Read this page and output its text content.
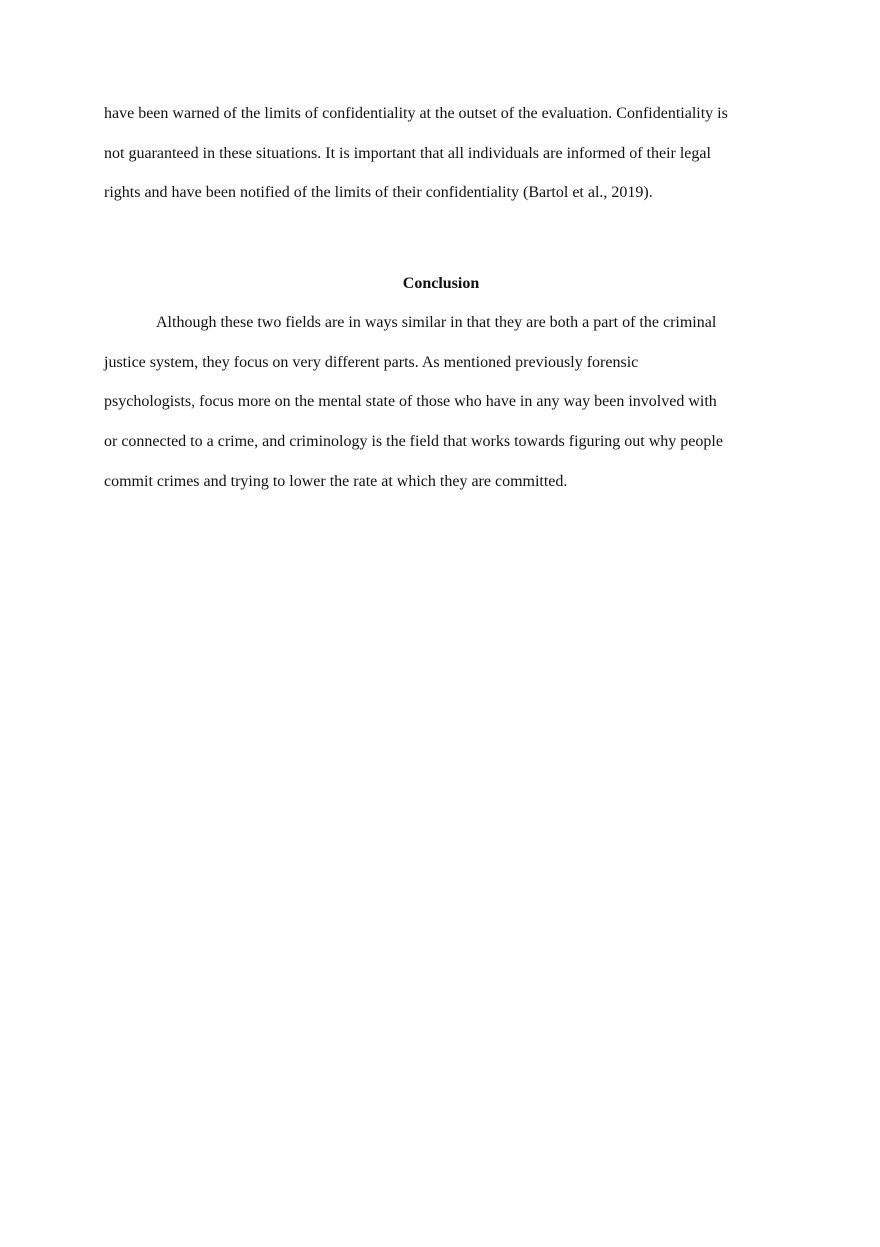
have been warned of the limits of confidentiality at the outset of the evaluation. Confidentiality is
not guaranteed in these situations. It is important that all individuals are informed of their legal
rights and have been notified of the limits of their confidentiality (Bartol et al., 2019).
Conclusion
Although these two fields are in ways similar in that they are both a part of the criminal
justice system, they focus on very different parts. As mentioned previously forensic
psychologists, focus more on the mental state of those who have in any way been involved with
or connected to a crime, and criminology is the field that works towards figuring out why people
commit crimes and trying to lower the rate at which they are committed.
